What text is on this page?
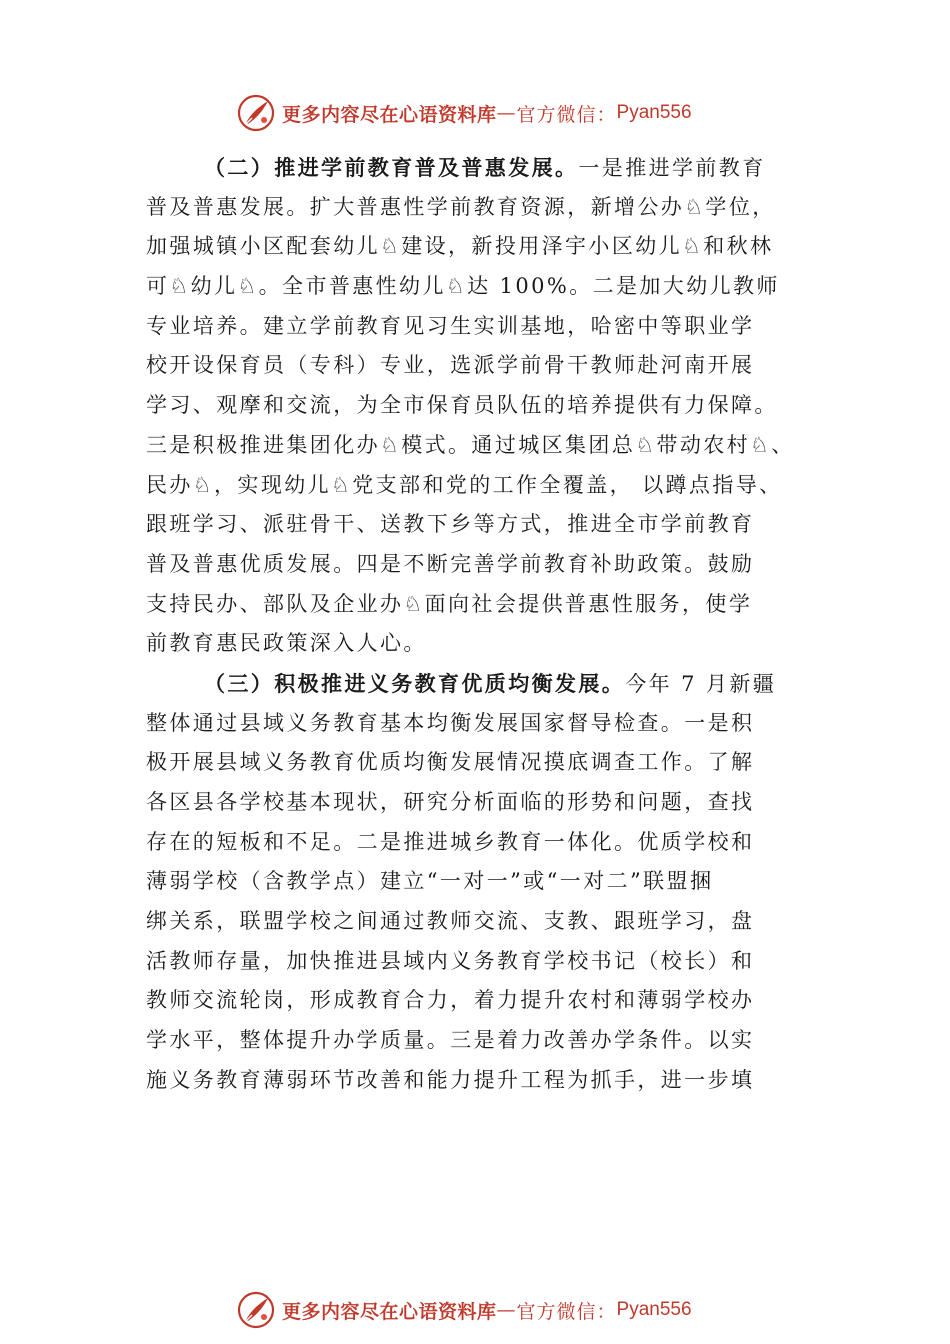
更多内容尽在心语资料库 — 官方微信： Pyan556
（二）推进学前教育普及普惠发展。一是推进学前教育
普及普惠发展。扩大普惠性学前教育资源，新增公办♘学位，
加强城镇小区配套幼儿♘建设，新投用泽宇小区幼儿♘和秋林
可♘幼儿♘。全市普惠性幼儿♘达 100%。二是加大幼儿教师
专业培养。建立学前教育见习生实训基地，哈密中等职业学
校开设保育员（专科）专业，选派学前骨干教师赴河南开展
学习、观摩和交流，为全市保育员队伍的培养提供有力保障。
三是积极推进集团化办♘模式。通过城区集团总♘带动农村♘、
民办♘，实现幼儿♘党支部和党的工作全覆盖， 以蹲点指导、
跟班学习、派驻骨干、送教下乡等方式，推进全市学前教育
普及普惠优质发展。四是不断完善学前教育补助政策。鼓励
支持民办、部队及企业办♘面向社会提供普惠性服务，使学
前教育惠民政策深入人心。
（三）积极推进义务教育优质均衡发展。今年 7 月新疆
整体通过县域义务教育基本均衡发展国家督导检查。一是积
极开展县域义务教育优质均衡发展情况摸底调查工作。了解
各区县各学校基本现状，研究分析面临的形势和问题，查找
存在的短板和不足。二是推进城乡教育一体化。优质学校和
薄弱学校（含教学点）建立“一对一”或“一对二”联盟捆
绑关系，联盟学校之间通过教师交流、支教、跟班学习，盘
活教师存量，加快推进县域内义务教育学校书记（校长）和
教师交流轮岗，形成教育合力，着力提升农村和薄弱学校办
学水平，整体提升办学质量。三是着力改善办学条件。以实
施义务教育薄弱环节改善和能力提升工程为抓手，进一步填
更多内容尽在心语资料库 — 官方微信： Pyan556
